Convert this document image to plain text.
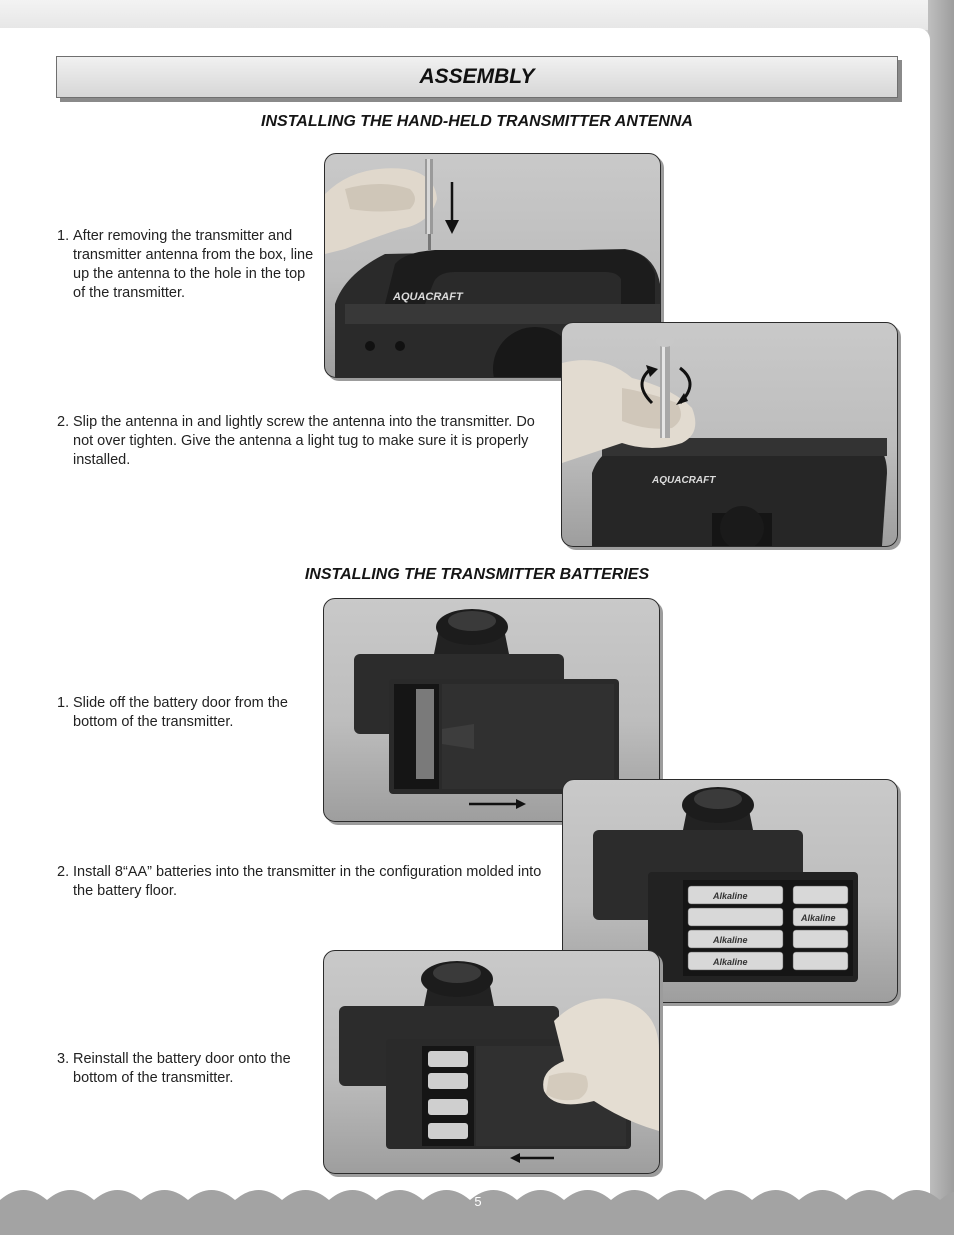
ASSEMBLY
INSTALLING THE HAND-HELD TRANSMITTER ANTENNA
1. After removing the transmitter and transmitter antenna from the box, line up the antenna to the hole in the top of the transmitter.
2. Slip the antenna in and lightly screw the antenna into the transmitter. Do not over tighten. Give the antenna a light tug to make sure it is properly installed.
AQUACRAFT
AQUACRAFT
INSTALLING THE TRANSMITTER BATTERIES
1. Slide off the battery door from the bottom of the transmitter.
2. Install 8“AA” batteries into the transmitter in the configuration molded into the battery floor.
3. Reinstall the battery door onto the bottom of the transmitter.
Alkaline
Alkaline
Alkaline
Alkaline
5
